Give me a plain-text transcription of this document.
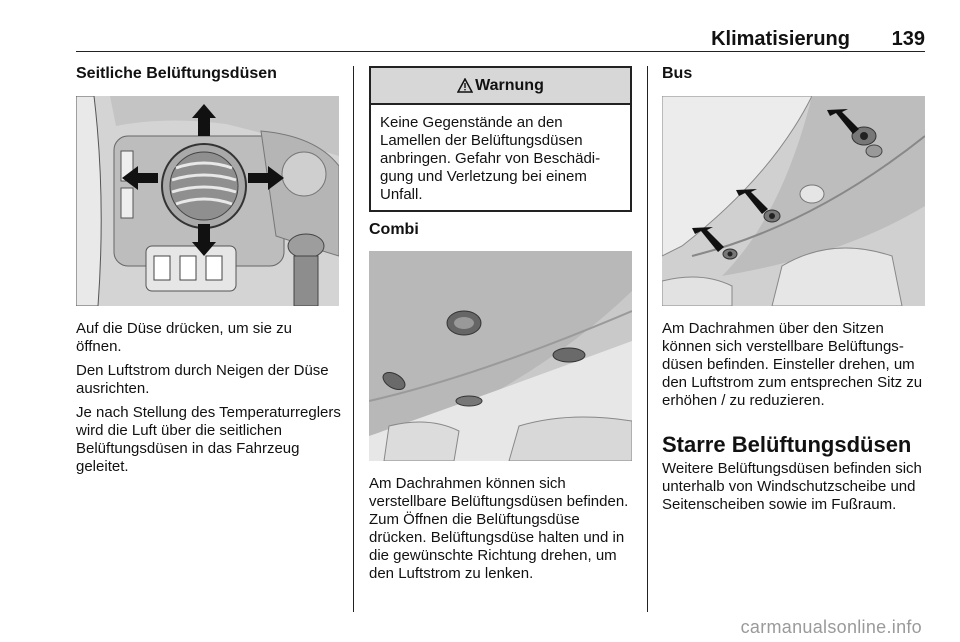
Klimatisierung 139
Seitliche Belüftungsdüsen

Auf die Düse drücken, um sie zu öffnen.

Den Luftstrom durch Neigen der Düse ausrichten.

Je nach Stellung des Temperaturreglers wird die Luft über die seitlichen Belüftungsdüsen in das Fahrzeug geleitet.

Warnung
Keine Gegenstände an den Lamellen der Belüftungsdüsen anbringen. Gefahr von Beschädigung und Verletzung bei einem Unfall.
Combi

Am Dachrahmen können sich verstellbare Belüftungsdüsen befinden. Zum Öffnen die Belüftungsdüse drücken. Belüftungsdüse halten und in die gewünschte Richtung drehen, um den Luftstrom zu lenken.

Bus

Am Dachrahmen über den Sitzen können sich verstellbare Belüftungsdüsen befinden. Einsteller drehen, um den Luftstrom zum entsprechen Sitz zu erhöhen / zu reduzieren.

Starre Belüftungsdüsen

Weitere Belüftungsdüsen befinden sich unterhalb von Windschutzscheibe und Seitenscheiben sowie im Fußraum.

carmanualsonline.info
